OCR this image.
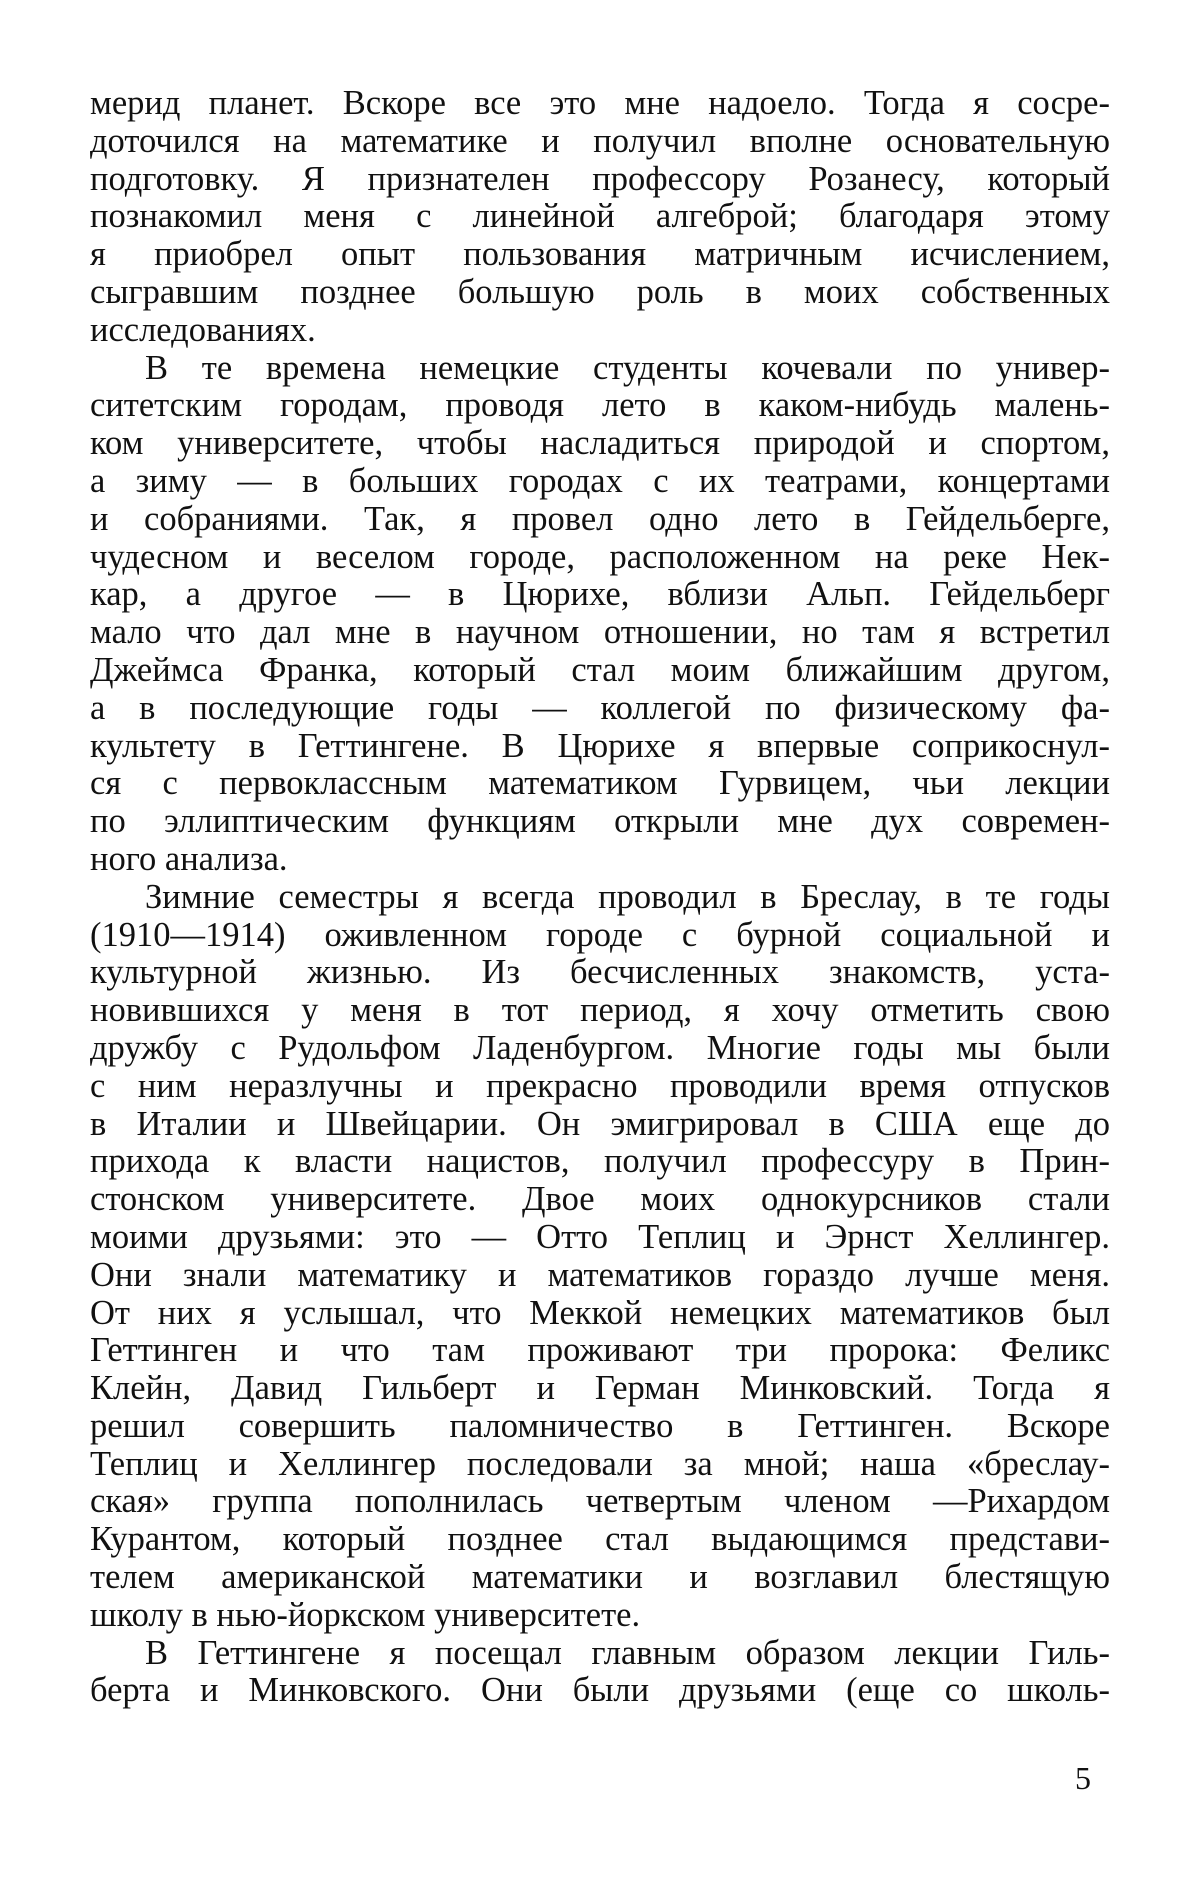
мерид планет. Вскоре все это мне надоело. Тогда я сосре-
доточился на математике и получил вполне основательную
подготовку. Я признателен профессору Розанесу, который
познакомил меня с линейной алгеброй; благодаря этому
я приобрел опыт пользования матричным исчислением,
сыгравшим позднее большую роль в моих собственных
исследованиях.
В те времена немецкие студенты кочевали по универ-
ситетским городам, проводя лето в каком-нибудь малень-
ком университете, чтобы насладиться природой и спортом,
а зиму — в больших городах с их театрами, концертами
и собраниями. Так, я провел одно лето в Гейдельберге,
чудесном и веселом городе, расположенном на реке Нек-
кар, а другое — в Цюрихе, вблизи Альп. Гейдельберг
мало что дал мне в научном отношении, но там я встретил
Джеймса Франка, который стал моим ближайшим другом,
а в последующие годы — коллегой по физическому фа-
культету в Геттингене. В Цюрихе я впервые соприкоснул-
ся с первоклассным математиком Гурвицем, чьи лекции
по эллиптическим функциям открыли мне дух современ-
ного анализа.
Зимние семестры я всегда проводил в Бреслау, в те годы
(1910—1914) оживленном городе с бурной социальной и
культурной жизнью. Из бесчисленных знакомств, уста-
новившихся у меня в тот период, я хочу отметить свою
дружбу с Рудольфом Ладенбургом. Многие годы мы были
с ним неразлучны и прекрасно проводили время отпусков
в Италии и Швейцарии. Он эмигрировал в США еще до
прихода к власти нацистов, получил профессуру в Прин-
стонском университете. Двое моих однокурсников стали
моими друзьями: это — Отто Теплиц и Эрнст Хеллингер.
Они знали математику и математиков гораздо лучше меня.
От них я услышал, что Меккой немецких математиков был
Геттинген и что там проживают три пророка: Феликс
Клейн, Давид Гильберт и Герман Минковский. Тогда я
решил совершить паломничество в Геттинген. Вскоре
Теплиц и Хеллингер последовали за мной; наша «бреслау-
ская» группа пополнилась четвертым членом —Рихардом
Курантом, который позднее стал выдающимся представи-
телем американской математики и возглавил блестящую
школу в нью-йоркском университете.
В Геттингене я посещал главным образом лекции Гиль-
берта и Минковского. Они были друзьями (еще со школь-
5
